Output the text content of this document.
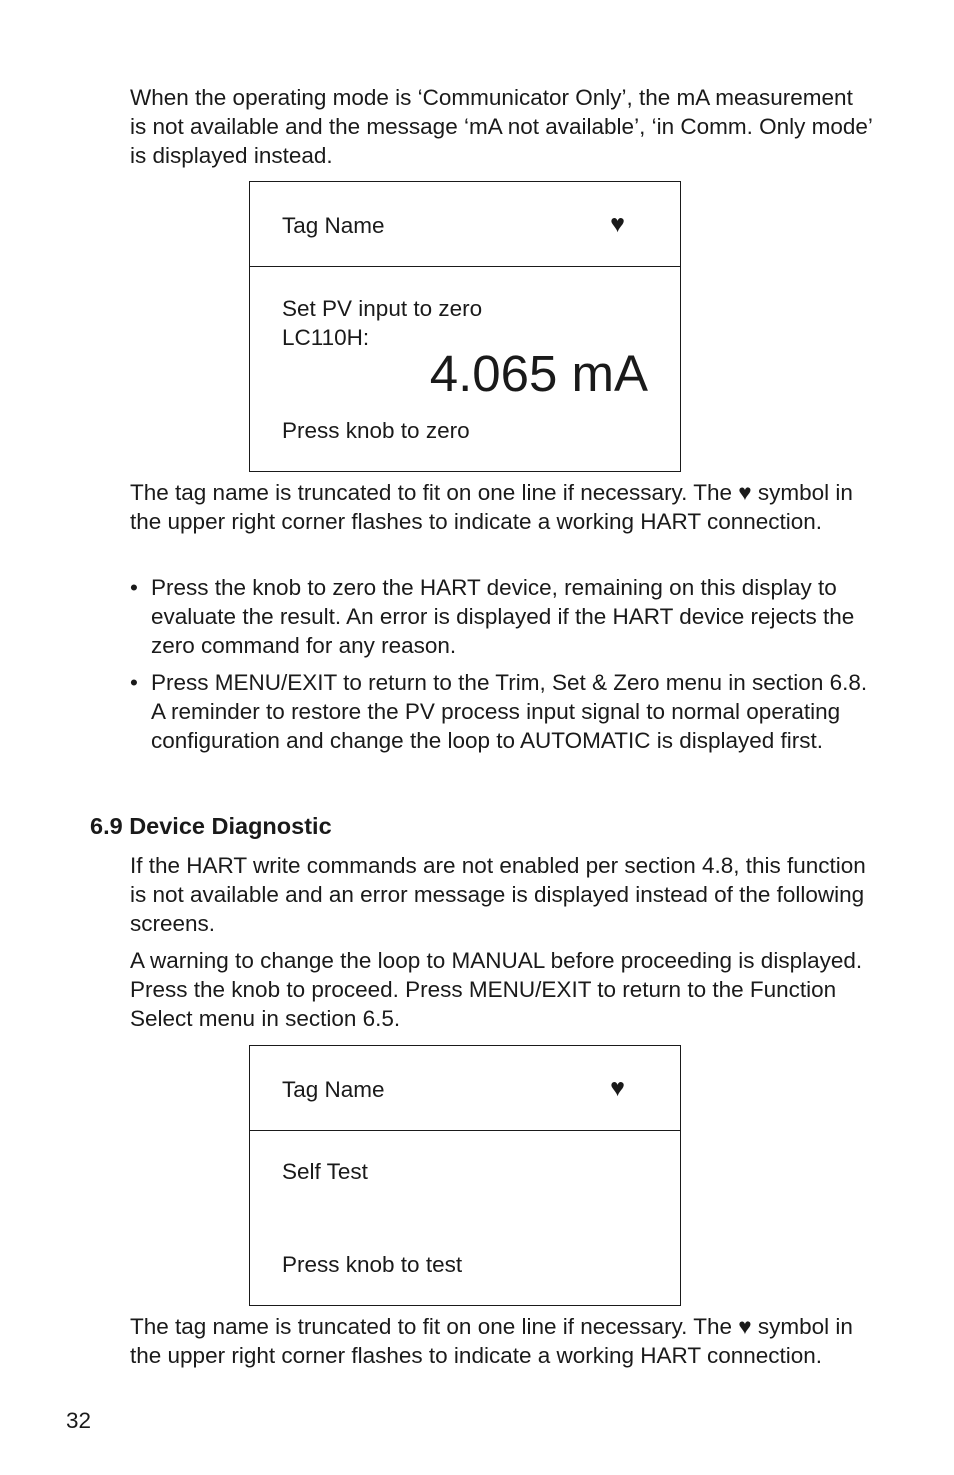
When the operating mode is ‘Communicator Only’, the mA measurement is not available and the message ‘mA not available’, ‘in Comm. Only mode’ is displayed instead.

Tag Name	♥
Set PV input to zero
LC110H:
4.065 mA
Press knob to zero

The tag name is truncated to fit on one line if necessary. The ♥ symbol in the upper right corner flashes to indicate a working HART connection.

• Press the knob to zero the HART device, remaining on this display to evaluate the result. An error is displayed if the HART device rejects the zero command for any reason.
• Press MENU/EXIT to return to the Trim, Set & Zero menu in section 6.8. A reminder to restore the PV process input signal to normal operating configuration and change the loop to AUTOMATIC is displayed first.
6.9 Device Diagnostic

If the HART write commands are not enabled per section 4.8, this function is not available and an error message is displayed instead of the following screens.

A warning to change the loop to MANUAL before proceeding is displayed. Press the knob to proceed. Press MENU/EXIT to return to the Function Select menu in section 6.5.

Tag Name	♥
Self Test
Press knob to test

The tag name is truncated to fit on one line if necessary. The ♥ symbol in the upper right corner flashes to indicate a working HART connection.

32
